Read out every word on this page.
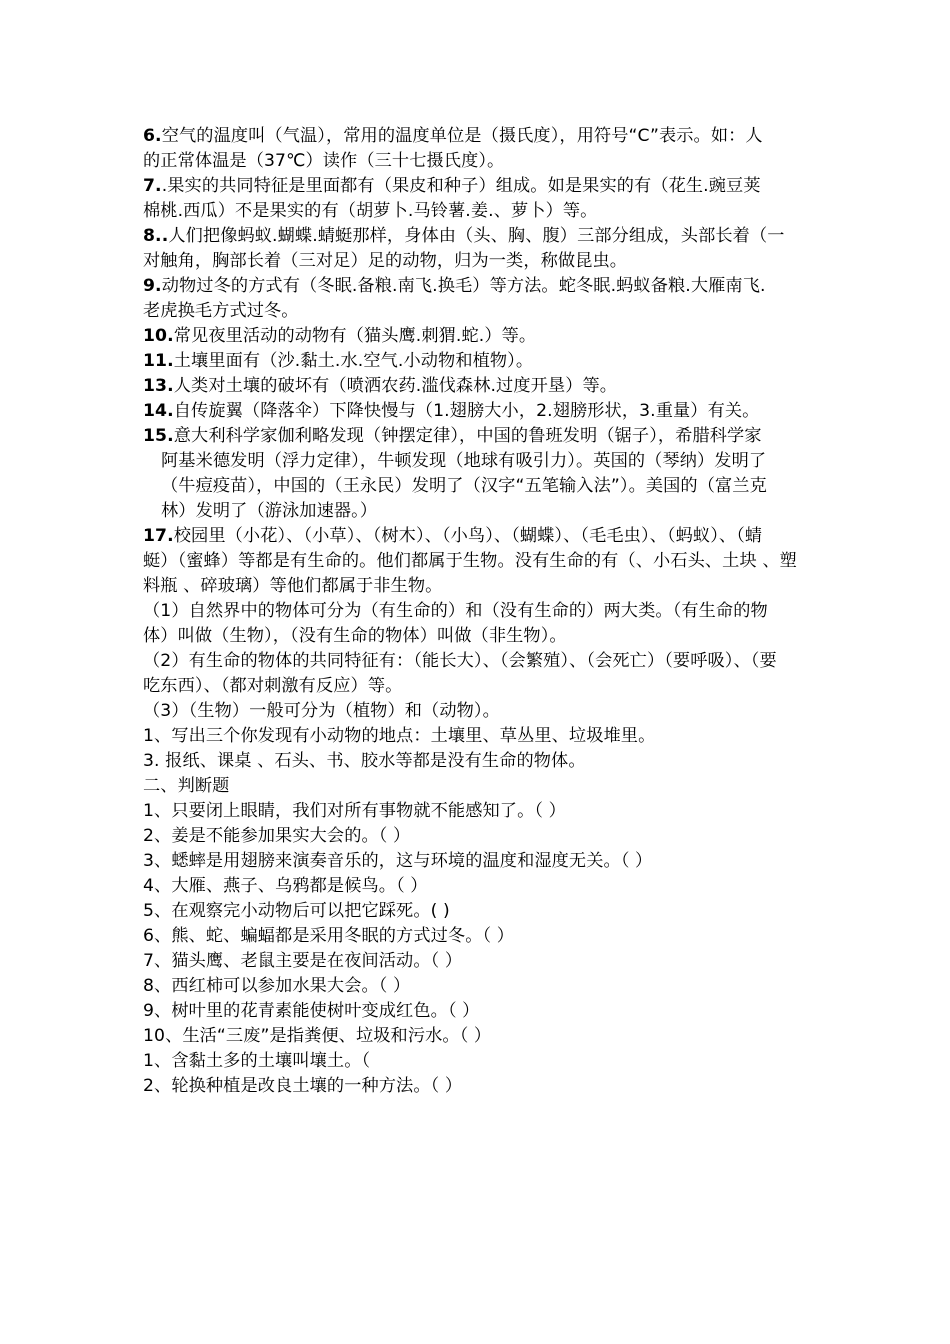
6.空气的温度叫（气温），常用的温度单位是（摄氏度），用符号“C”表示。如：人
的正常体温是（37℃）读作（三十七摄氏度）。
7..果实的共同特征是里面都有（果皮和种子）组成。如是果实的有（花生.豌豆荚
棉桃.西瓜）不是果实的有（胡萝卜.马铃薯.姜.、萝卜）等。
8..人们把像蚂蚁.蝴蝶.蜻蜓那样，身体由（头、胸、腹）三部分组成，头部长着（一
对触角，胸部长着（三对足）足的动物，归为一类，称做昆虫。
9.动物过冬的方式有（冬眠.备粮.南飞.换毛）等方法。蛇冬眠.蚂蚁备粮.大雁南飞.
老虎换毛方式过冬。
10.常见夜里活动的动物有（猫头鹰.刺猬.蛇.）等。
11.土壤里面有（沙.黏土.水.空气.小动物和植物）。
13.人类对土壤的破坏有（喷洒农药.滥伐森林.过度开垦）等。
14.自传旋翼（降落伞）下降快慢与（1.翅膀大小，2.翅膀形状，3.重量）有关。
15.意大利科学家伽利略发现（钟摆定律），中国的鲁班发明（锯子），希腊科学家
阿基米德发明（浮力定律），牛顿发现（地球有吸引力）。英国的（琴纳）发明了
（牛痘疫苗），中国的（王永民）发明了（汉字“五笔输入法”）。美国的（富兰克
林）发明了（游泳加速器。）
17.校园里（小花）、（小草）、（树木）、（小鸟）、（蝴蝶）、（毛毛虫）、（蚂蚁）、（蜻
蜓）（蜜蜂）等都是有生命的。他们都属于生物。没有生命的有（、小石头、土块 、塑
料瓶 、碎玻璃）等他们都属于非生物。
（1）自然界中的物体可分为（有生命的）和（没有生命的）两大类。（有生命的物
体）叫做（生物），（没有生命的物体）叫做（非生物）。
（2）有生命的物体的共同特征有：（能长大）、（会繁殖）、（会死亡）（要呼吸）、（要
吃东西）、（都对刺激有反应）等。
（3）（生物）一般可分为（植物）和（动物）。
1、写出三个你发现有小动物的地点：土壤里、草丛里、垃圾堆里。
3. 报纸、课桌 、石头、书、胶水等都是没有生命的物体。
二、判断题
1、只要闭上眼睛，我们对所有事物就不能感知了。（ ）
2、姜是不能参加果实大会的。（ ）
3、蟋蟀是用翅膀来演奏音乐的，这与环境的温度和湿度无关。（ ）
4、大雁、燕子、乌鸦都是候鸟。（ ）
5、在观察完小动物后可以把它踩死。( )
6、熊、蛇、蝙蝠都是采用冬眠的方式过冬。（ ）
7、猫头鹰、老鼠主要是在夜间活动。（ ）
8、西红柿可以参加水果大会。（ ）
9、树叶里的花青素能使树叶变成红色。（ ）
10、生活“三废”是指粪便、垃圾和污水。（ ）
1、含黏土多的土壤叫壤土。（
2、轮换种植是改良土壤的一种方法。（ ）
